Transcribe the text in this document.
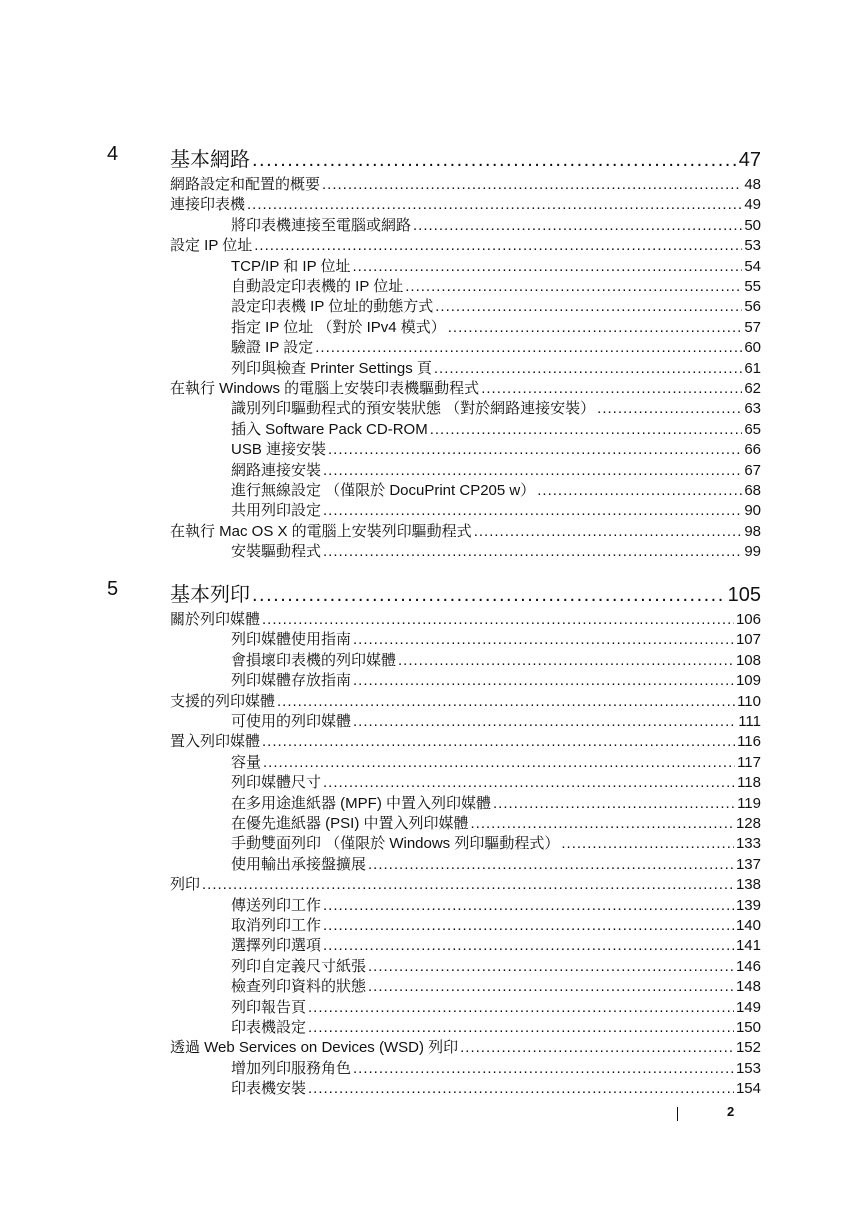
4	基本網路 .....	47
網路設定和配置的概要 .....	48
連接印表機 .....	49
將印表機連接至電腦或網路 .....	50
設定 IP 位址 .....	53
TCP/IP 和 IP 位址 .....	54
自動設定印表機的 IP 位址 .....	55
設定印表機 IP 位址的動態方式 .....	56
指定 IP 位址 （對於 IPv4 模式） .....	57
驗證 IP 設定 .....	60
列印與檢查 Printer Settings 頁 .....	61
在執行 Windows 的電腦上安裝印表機驅動程式 .....	62
識別列印驅動程式的預安裝狀態 （對於網路連接安裝） .....	63
插入 Software Pack CD-ROM .....	65
USB 連接安裝 .....	66
網路連接安裝 .....	67
進行無線設定 （僅限於 DocuPrint CP205 w） .....	68
共用列印設定 .....	90
在執行 Mac OS X 的電腦上安裝列印驅動程式 .....	98
安裝驅動程式 .....	99
5	基本列印 .....	105
關於列印媒體 .....	106
列印媒體使用指南 .....	107
會損壞印表機的列印媒體 .....	108
列印媒體存放指南 .....	109
支援的列印媒體 .....	110
可使用的列印媒體 .....	111
置入列印媒體 .....	116
容量 .....	117
列印媒體尺寸 .....	118
在多用途進紙器 (MPF) 中置入列印媒體 .....	119
在優先進紙器 (PSI) 中置入列印媒體 .....	128
手動雙面列印 （僅限於 Windows 列印驅動程式） .....	133
使用輸出承接盤擴展 .....	137
列印 .....	138
傳送列印工作 .....	139
取消列印工作 .....	140
選擇列印選項 .....	141
列印自定義尺寸紙張 .....	146
檢查列印資料的狀態 .....	148
列印報告頁 .....	149
印表機設定 .....	150
透過 Web Services on Devices (WSD) 列印 .....	152
增加列印服務角色 .....	153
印表機安裝 .....	154
2
